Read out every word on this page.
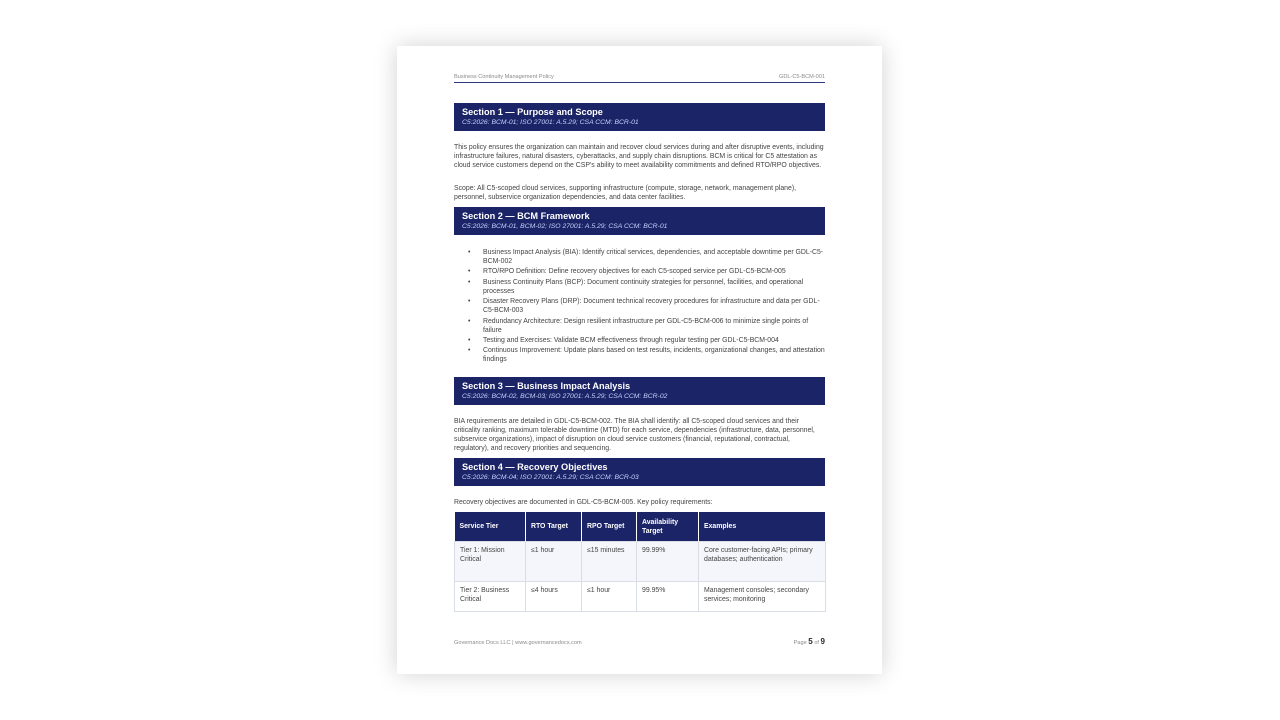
Business Continuity Management Policy	GDL-C5-BCM-001
Section 1 — Purpose and Scope
C5:2026: BCM-01; ISO 27001: A.5.29; CSA CCM: BCR-01

This policy ensures the organization can maintain and recover cloud services during and after disruptive events, including infrastructure failures, natural disasters, cyberattacks, and supply chain disruptions. BCM is critical for C5 attestation as cloud service customers depend on the CSP's ability to meet availability commitments and defined RTO/RPO objectives.

Scope: All C5-scoped cloud services, supporting infrastructure (compute, storage, network, management plane), personnel, subservice organization dependencies, and data center facilities.

Section 2 — BCM Framework
C5:2026: BCM-01, BCM-02; ISO 27001: A.5.29; CSA CCM: BCR-01
• Business Impact Analysis (BIA): Identify critical services, dependencies, and acceptable downtime per GDL-C5-BCM-002
• RTO/RPO Definition: Define recovery objectives for each C5-scoped service per GDL-C5-BCM-005
• Business Continuity Plans (BCP): Document continuity strategies for personnel, facilities, and operational processes
• Disaster Recovery Plans (DRP): Document technical recovery procedures for infrastructure and data per GDL-C5-BCM-003
• Redundancy Architecture: Design resilient infrastructure per GDL-C5-BCM-006 to minimize single points of failure
• Testing and Exercises: Validate BCM effectiveness through regular testing per GDL-C5-BCM-004
• Continuous Improvement: Update plans based on test results, incidents, organizational changes, and attestation findings
Section 3 — Business Impact Analysis
C5:2026: BCM-02, BCM-03; ISO 27001: A.5.29; CSA CCM: BCR-02

BIA requirements are detailed in GDL-C5-BCM-002. The BIA shall identify: all C5-scoped cloud services and their criticality ranking, maximum tolerable downtime (MTD) for each service, dependencies (infrastructure, data, personnel, subservice organizations), impact of disruption on cloud service customers (financial, reputational, contractual, regulatory), and recovery priorities and sequencing.

Section 4 — Recovery Objectives
C5:2026: BCM-04; ISO 27001: A.5.29; CSA CCM: BCR-03

Recovery objectives are documented in GDL-C5-BCM-005. Key policy requirements:

Service Tier	RTO Target	RPO Target	Availability Target	Examples
Tier 1: Mission Critical	≤1 hour	≤15 minutes	99.99%	Core customer-facing APIs; primary databases; authentication
Tier 2: Business Critical	≤4 hours	≤1 hour	99.95%	Management consoles; secondary services; monitoring
Governance Docs LLC | www.governancedocs.com	Page 5 of 9
